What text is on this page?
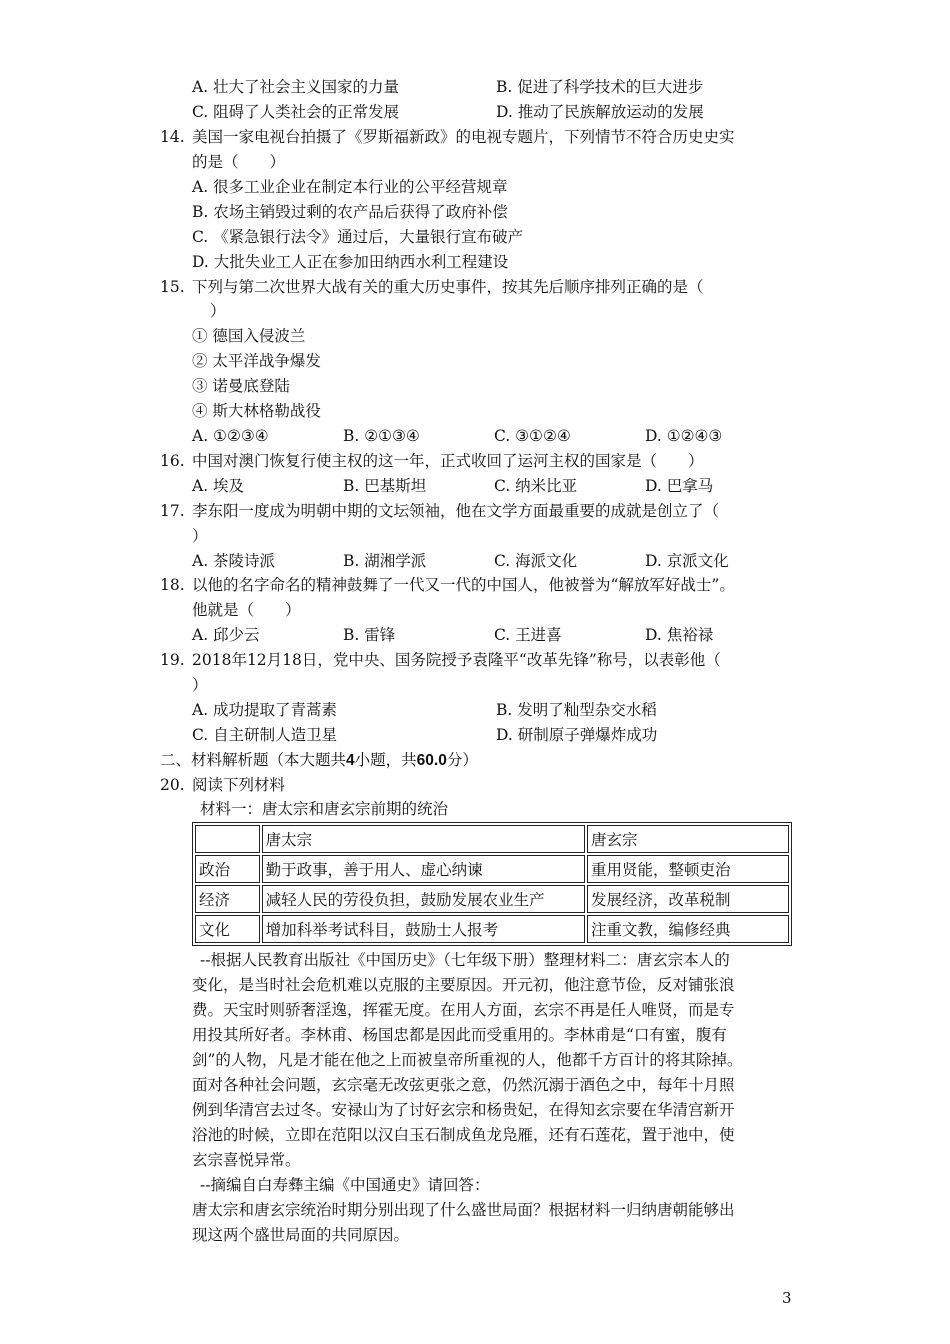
A. 壮大了社会主义国家的力量	B. 促进了科学技术的巨大进步
C. 阻碍了人类社会的正常发展	D. 推动了民族解放运动的发展
14. 美国一家电视台拍摄了《罗斯福新政》的电视专题片，下列情节不符合历史史实
的是（　　）
A. 很多工业企业在制定本行业的公平经营规章
B. 农场主销毁过剩的农产品后获得了政府补偿
C. 《紧急银行法令》通过后，大量银行宣布破产
D. 大批失业工人正在参加田纳西水利工程建设
15. 下列与第二次世界大战有关的重大历史事件，按其先后顺序排列正确的是（
）
① 德国入侵波兰
② 太平洋战争爆发
③ 诺曼底登陆
④ 斯大林格勒战役
A. ①②③④	B. ②①③④	C. ③①②④	D. ①②④③
16. 中国对澳门恢复行使主权的这一年，正式收回了运河主权的国家是（　　）
A. 埃及	B. 巴基斯坦	C. 纳米比亚	D. 巴拿马
17. 李东阳一度成为明朝中期的文坛领袖，他在文学方面最重要的成就是创立了（
）
A. 茶陵诗派	B. 湖湘学派	C. 海派文化	D. 京派文化
18. 以他的名字命名的精神鼓舞了一代又一代的中国人，他被誉为“解放军好战士”。
他就是（　　）
A. 邱少云	B. 雷锋	C. 王进喜	D. 焦裕禄
19. 2018年12月18日，党中央、国务院授予袁隆平“改革先锋”称号，以表彰他（
）
A. 成功提取了青蒿素	B. 发明了籼型杂交水稻
C. 自主研制人造卫星	D. 研制原子弹爆炸成功
二、材料解析题（本大题共4小题，共60.0分）
20. 阅读下列材料
材料一：唐太宗和唐玄宗前期的统治
	唐太宗	唐玄宗
政治	勤于政事，善于用人、虚心纳谏	重用贤能，整顿吏治
经济	减轻人民的劳役负担，鼓励发展农业生产	发展经济，改革税制
文化	增加科举考试科目，鼓励士人报考	注重文教，编修经典
--根据人民教育出版社《中国历史》（七年级下册）整理材料二：唐玄宗本人的
变化，是当时社会危机难以克服的主要原因。开元初，他注意节俭，反对铺张浪
费。天宝时则骄奢淫逸，挥霍无度。在用人方面，玄宗不再是任人唯贤，而是专
用投其所好者。李林甫、杨国忠都是因此而受重用的。李林甫是“口有蜜，腹有
剑”的人物，凡是才能在他之上而被皇帝所重视的人，他都千方百计的将其除掉。
面对各种社会问题，玄宗毫无改弦更张之意，仍然沉溺于酒色之中，每年十月照
例到华清宫去过冬。安禄山为了讨好玄宗和杨贵妃，在得知玄宗要在华清宫新开
浴池的时候，立即在范阳以汉白玉石制成鱼龙凫雁，还有石莲花，置于池中，使
玄宗喜悦异常。
--摘编自白寿彝主编《中国通史》请回答：
唐太宗和唐玄宗统治时期分别出现了什么盛世局面？根据材料一归纳唐朝能够出
现这两个盛世局面的共同原因。
3
